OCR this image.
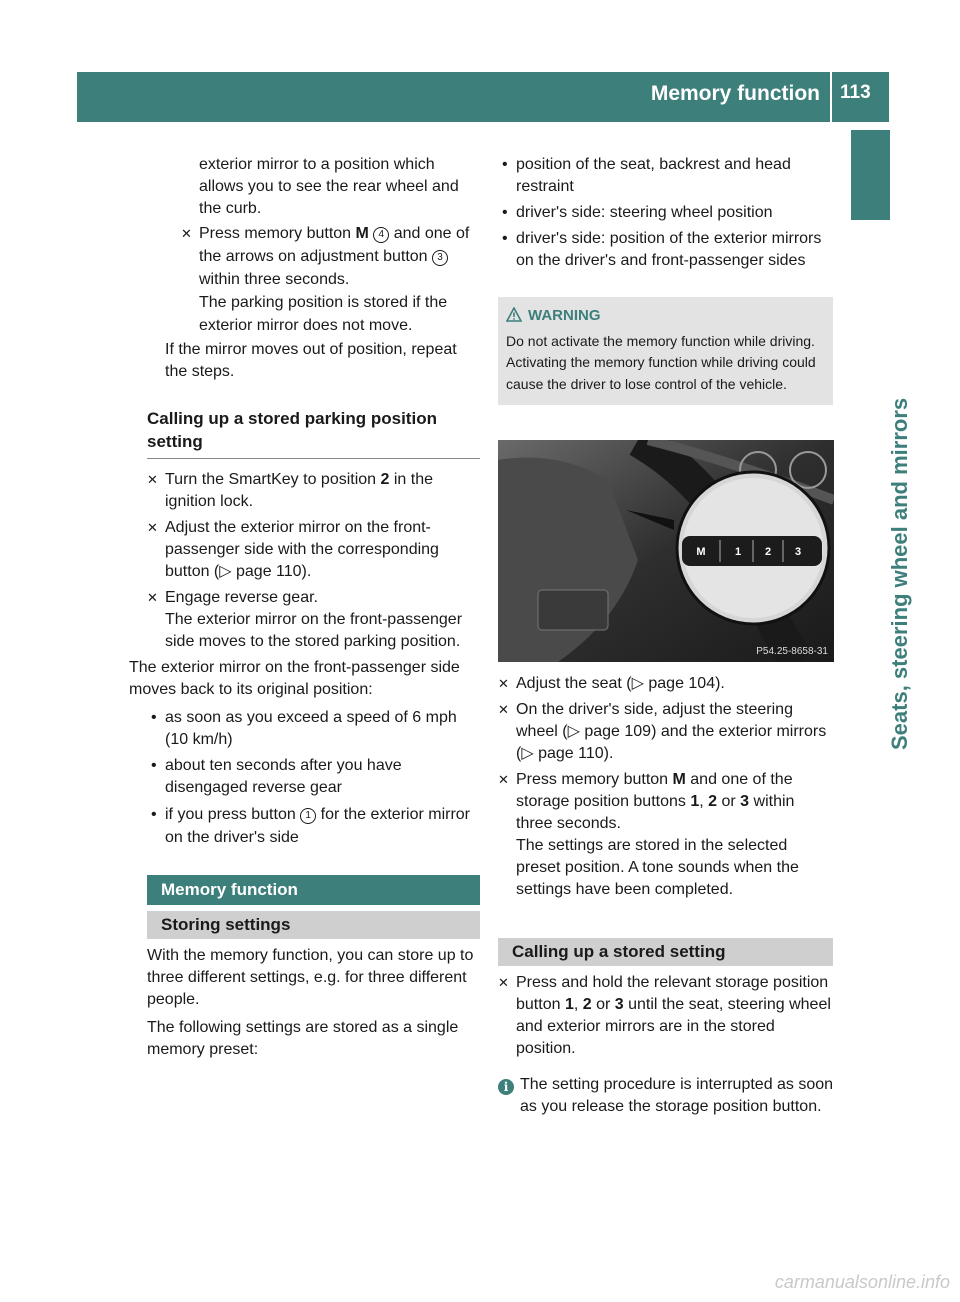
Memory function 113
Seats, steering wheel and mirrors

exterior mirror to a position which allows you to see the rear wheel and the curb.

✕ Press memory button M 4 and one of the arrows on adjustment button 3 within three seconds.

The parking position is stored if the exterior mirror does not move.

If the mirror moves out of position, repeat the steps.

Calling up a stored parking position setting

✕ Turn the SmartKey to position 2 in the ignition lock.
✕ Adjust the exterior mirror on the front-passenger side with the corresponding button (▷ page 110).
✕ Engage reverse gear.

The exterior mirror on the front-passenger side moves to the stored parking position.

The exterior mirror on the front-passenger side moves back to its original position:

• as soon as you exceed a speed of 6 mph (10 km/h)
• about ten seconds after you have disengaged reverse gear
• if you press button 1 for the exterior mirror on the driver's side
Memory function
Storing settings

With the memory function, you can store up to three different settings, e.g. for three different people.

The following settings are stored as a single memory preset:

• position of the seat, backrest and head restraint
• driver's side: steering wheel position
• driver's side: position of the exterior mirrors on the driver's and front-passenger sides
WARNING
Do not activate the memory function while driving. Activating the memory function while driving could cause the driver to lose control of the vehicle.
M	1 2 3
P54.25-8658-31
✕ Adjust the seat (▷ page 104).
✕ On the driver's side, adjust the steering wheel (▷ page 109) and the exterior mirrors (▷ page 110).
✕ Press memory button M and one of the storage position buttons 1, 2 or 3 within three seconds.

The settings are stored in the selected preset position. A tone sounds when the settings have been completed.

Calling up a stored setting
✕ Press and hold the relevant storage position button 1, 2 or 3 until the seat, steering wheel and exterior mirrors are in the stored position.
i The setting procedure is interrupted as soon as you release the storage position button.
carmanualsonline.info
